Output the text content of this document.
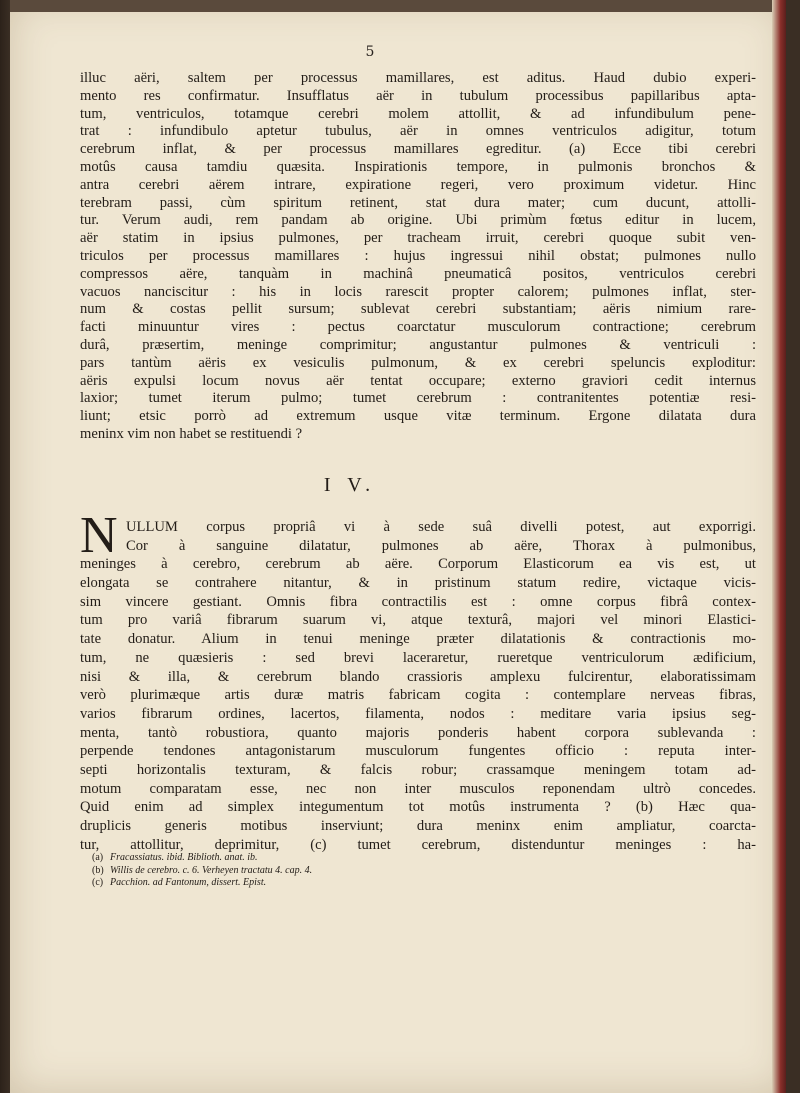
5
illuc aëri, saltem per processus mamillares, est aditus. Haud dubio experi-
mento res confirmatur. Insufflatus aër in tubulum processibus papillaribus apta-
tum, ventriculos, totamque cerebri molem attollit, & ad infundibulum pene-
trat : infundibulo aptetur tubulus, aër in omnes ventriculos adigitur, totum
cerebrum inflat, & per processus mamillares egreditur. (a) Ecce tibi cerebri
motûs causa tamdiu quæsita. Inspirationis tempore, in pulmonis bronchos &
antra cerebri aërem intrare, expiratione regeri, vero proximum videtur. Hinc
terebram passi, cùm spiritum retinent, stat dura mater; cum ducunt, attolli-
tur. Verum audi, rem pandam ab origine. Ubi primùm fœtus editur in lucem,
aër statim in ipsius pulmones, per tracheam irruit, cerebri quoque subit ven-
triculos per processus mamillares : hujus ingressui nihil obstat; pulmones nullo
compressos aëre, tanquàm in machinâ pneumaticâ positos, ventriculos cerebri
vacuos nanciscitur : his in locis rarescit propter calorem; pulmones inflat, ster-
num & costas pellit sursum; sublevat cerebri substantiam; aëris nimium rare-
facti minuuntur vires : pectus coarctatur musculorum contractione; cerebrum
durâ, præsertim, meninge comprimitur; angustantur pulmones & ventriculi :
pars tantùm aëris ex vesiculis pulmonum, & ex cerebri speluncis exploditur:
aëris expulsi locum novus aër tentat occupare; externo graviori cedit internus
laxior; tumet iterum pulmo; tumet cerebrum : contranitentes potentiæ resi-
liunt; etsic porrò ad extremum usque vitæ terminum. Ergone dilatata dura
meninx vim non habet se restituendi ?
I V.
N ULLUM corpus propriâ vi à sede suâ divelli potest, aut exporrigi.
Cor à sanguine dilatatur, pulmones ab aëre, Thorax à pulmonibus,
meninges à cerebro, cerebrum ab aëre. Corporum Elasticorum ea vis est, ut
elongata se contrahere nitantur, & in pristinum statum redire, victaque vicis-
sim vincere gestiant. Omnis fibra contractilis est : omne corpus fibrâ contex-
tum pro variâ fibrarum suarum vi, atque texturâ, majori vel minori Elastici-
tate donatur. Alium in tenui meninge præter dilatationis & contractionis mo-
tum, ne quæsieris : sed brevi laceraretur, rueretque ventriculorum ædificium,
nisi & illa, & cerebrum blando crassioris amplexu fulcirentur, elaboratissimam
verò plurimæque artis duræ matris fabricam cogita : contemplare nerveas fibras,
varios fibrarum ordines, lacertos, filamenta, nodos : meditare varia ipsius seg-
menta, tantò robustiora, quanto majoris ponderis habent corpora sublevanda :
perpende tendones antagonistarum musculorum fungentes officio : reputa inter-
septi horizontalis texturam, & falcis robur; crassamque meningem totam ad-
motum comparatam esse, nec non inter musculos reponendam ultrò concedes.
Quid enim ad simplex integumentum tot motûs instrumenta ? (b) Hæc qua-
druplicis generis motibus inserviunt; dura meninx enim ampliatur, coarcta-
tur, attollitur, deprimitur, (c) tumet cerebrum, distenduntur meninges : ha-
(a) Fracassiatus. ibid. Biblioth. anat. ib.
(b) Willis de cerebro. c. 6. Verheyen tractatu 4. cap. 4.
(c) Pacchion. ad Fantonum, dissert. Epist.
